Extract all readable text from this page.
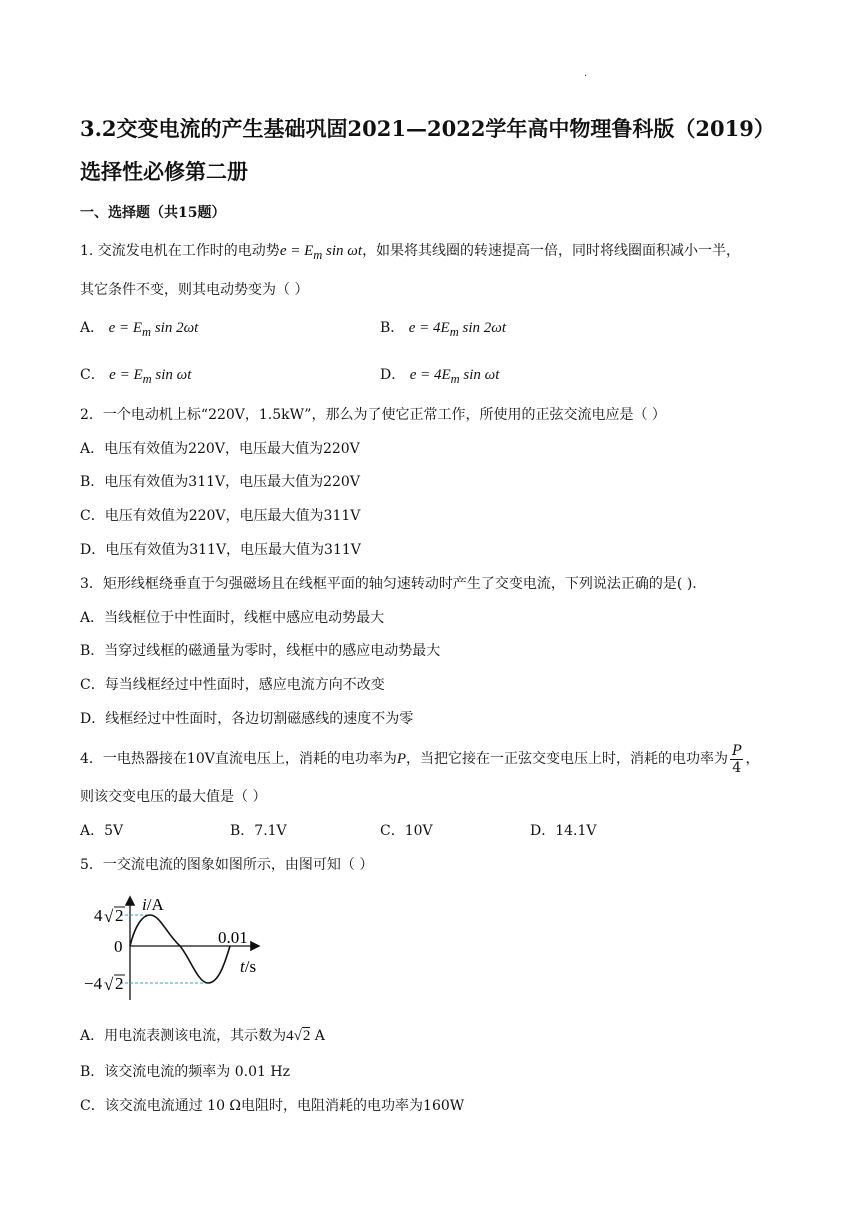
.
3.2交变电流的产生基础巩固2021—2022学年高中物理鲁科版（2019）
选择性必修第二册
一、选择题（共15题）
1. 交流发电机在工作时的电动势$e = E_m$ sin ωt，如果将其线圈的转速提高一倍，同时将线圈面积减小一半，
其它条件不变，则其电动势变为（ ）
A． $e = E_m$ sin 2ωt	B． $e = 4E_m$ sin 2ωt
C． $e = E_m$ sin ωt	D． $e = 4E_m$ sin ωt
2．一个电动机上标“220V，1.5kW”，那么为了使它正常工作，所使用的正弦交流电应是（ ）
A．电压有效值为220V，电压最大值为220V
B．电压有效值为311V，电压最大值为220V
C．电压有效值为220V，电压最大值为311V
D．电压有效值为311V，电压最大值为311V
3．矩形线框绕垂直于匀强磁场且在线框平面的轴匀速转动时产生了交变电流，下列说法正确的是( ).
A．当线框位于中性面时，线框中感应电动势最大
B．当穿过线框的磁通量为零时，线框中的感应电动势最大
C．每当线框经过中性面时，感应电流方向不改变
D．线框经过中性面时，各边切割磁感线的速度不为零
4．一电热器接在10V直流电压上，消耗的电功率为P，当把它接在一正弦交变电压上时，消耗的电功率为 $\frac{P}{4}$ ，
则该交变电压的最大值是（ ）
A．5V	B．7.1V	C．10V	D．14.1V
5．一交流电流的图象如图所示，由图可知（ ）
i/A
4 √ 2
0
−4 √ 2
0.01
t/s
A．用电流表测该电流，其示数为4√2 A
B．该交流电流的频率为 0.01 Hz
C．该交流电流通过 10 Ω电阻时，电阻消耗的电功率为160W
